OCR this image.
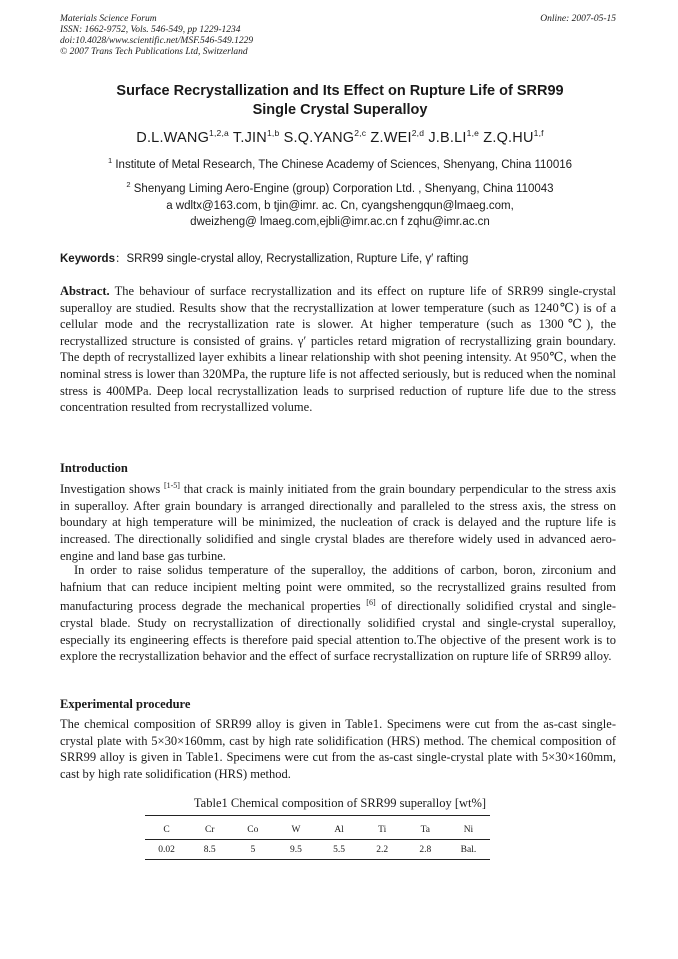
Materials Science Forum
ISSN: 1662-9752, Vols. 546-549, pp 1229-1234
doi:10.4028/www.scientific.net/MSF.546-549.1229
© 2007 Trans Tech Publications Ltd, Switzerland
Online: 2007-05-15
Surface Recrystallization and Its Effect on Rupture Life of SRR99
Single Crystal Superalloy
D.L.WANG$^{1,2,a}$ T.JIN$^{1,b}$ S.Q.YANG$^{2,c}$ Z.WEI$^{2,d}$ J.B.LI$^{1,e}$ Z.Q.HU$^{1,f}$
$^1$ Institute of Metal Research, The Chinese Academy of Sciences, Shenyang, China 110016
$^2$ Shenyang Liming Aero-Engine (group) Corporation Ltd. , Shenyang, China 110043
a wdltx@163.com, b tjin@imr. ac. Cn, cyangshengqun@lmaeg.com,
dweizheng@ lmaeg.com,ejbli@imr.ac.cn f zqhu@imr.ac.cn
Keywords：SRR99 single-crystal alloy, Recrystallization, Rupture Life, γ′ rafting
Abstract. The behaviour of surface recrystallization and its effect on rupture life of SRR99 single-crystal superalloy are studied. Results show that the recrystallization at lower temperature (such as 1240℃) is of a cellular mode and the recrystallization rate is slower. At higher temperature (such as 1300℃), the recrystallized structure is consisted of grains. γ′ particles retard migration of recrystallizing grain boundary. The depth of recrystallized layer exhibits a linear relationship with shot peening intensity. At 950℃, when the nominal stress is lower than 320MPa, the rupture life is not affected seriously, but is reduced when the nominal stress is 400MPa. Deep local recrystallization leads to surprised reduction of rupture life due to the stress concentration resulted from recrystallized volume.
Introduction
Investigation shows [1-5] that crack is mainly initiated from the grain boundary perpendicular to the stress axis in superalloy. After grain boundary is arranged directionally and paralleled to the stress axis, the stress on boundary at high temperature will be minimized, the nucleation of crack is delayed and the rupture life is increased. The directionally solidified and single crystal blades are therefore widely used in advanced aero-engine and land base gas turbine.
In order to raise solidus temperature of the superalloy, the additions of carbon, boron, zirconium and hafnium that can reduce incipient melting point were ommited, so the recrystallized grains resulted from manufacturing process degrade the mechanical properties [6] of directionally solidified crystal and single-crystal blade. Study on recrystallization of directionally solidified crystal and single-crystal superalloy, especially its engineering effects is therefore paid special attention to.The objective of the present work is to explore the recrystallization behavior and the effect of surface recrystallization on rupture life of SRR99 alloy.
Experimental procedure
The chemical composition of SRR99 alloy is given in Table1. Specimens were cut from the as-cast single-crystal plate with 5×30×160mm, cast by high rate solidification (HRS) method. The chemical composition of SRR99 alloy is given in Table1. Specimens were cut from the as-cast single-crystal plate with 5×30×160mm, cast by high rate solidification (HRS) method.
Table1 Chemical composition of SRR99 superalloy [wt%]
C	Cr	Co	W	Al	Ti	Ta	Ni
0.02	8.5	5	9.5	5.5	2.2	2.8	Bal.
